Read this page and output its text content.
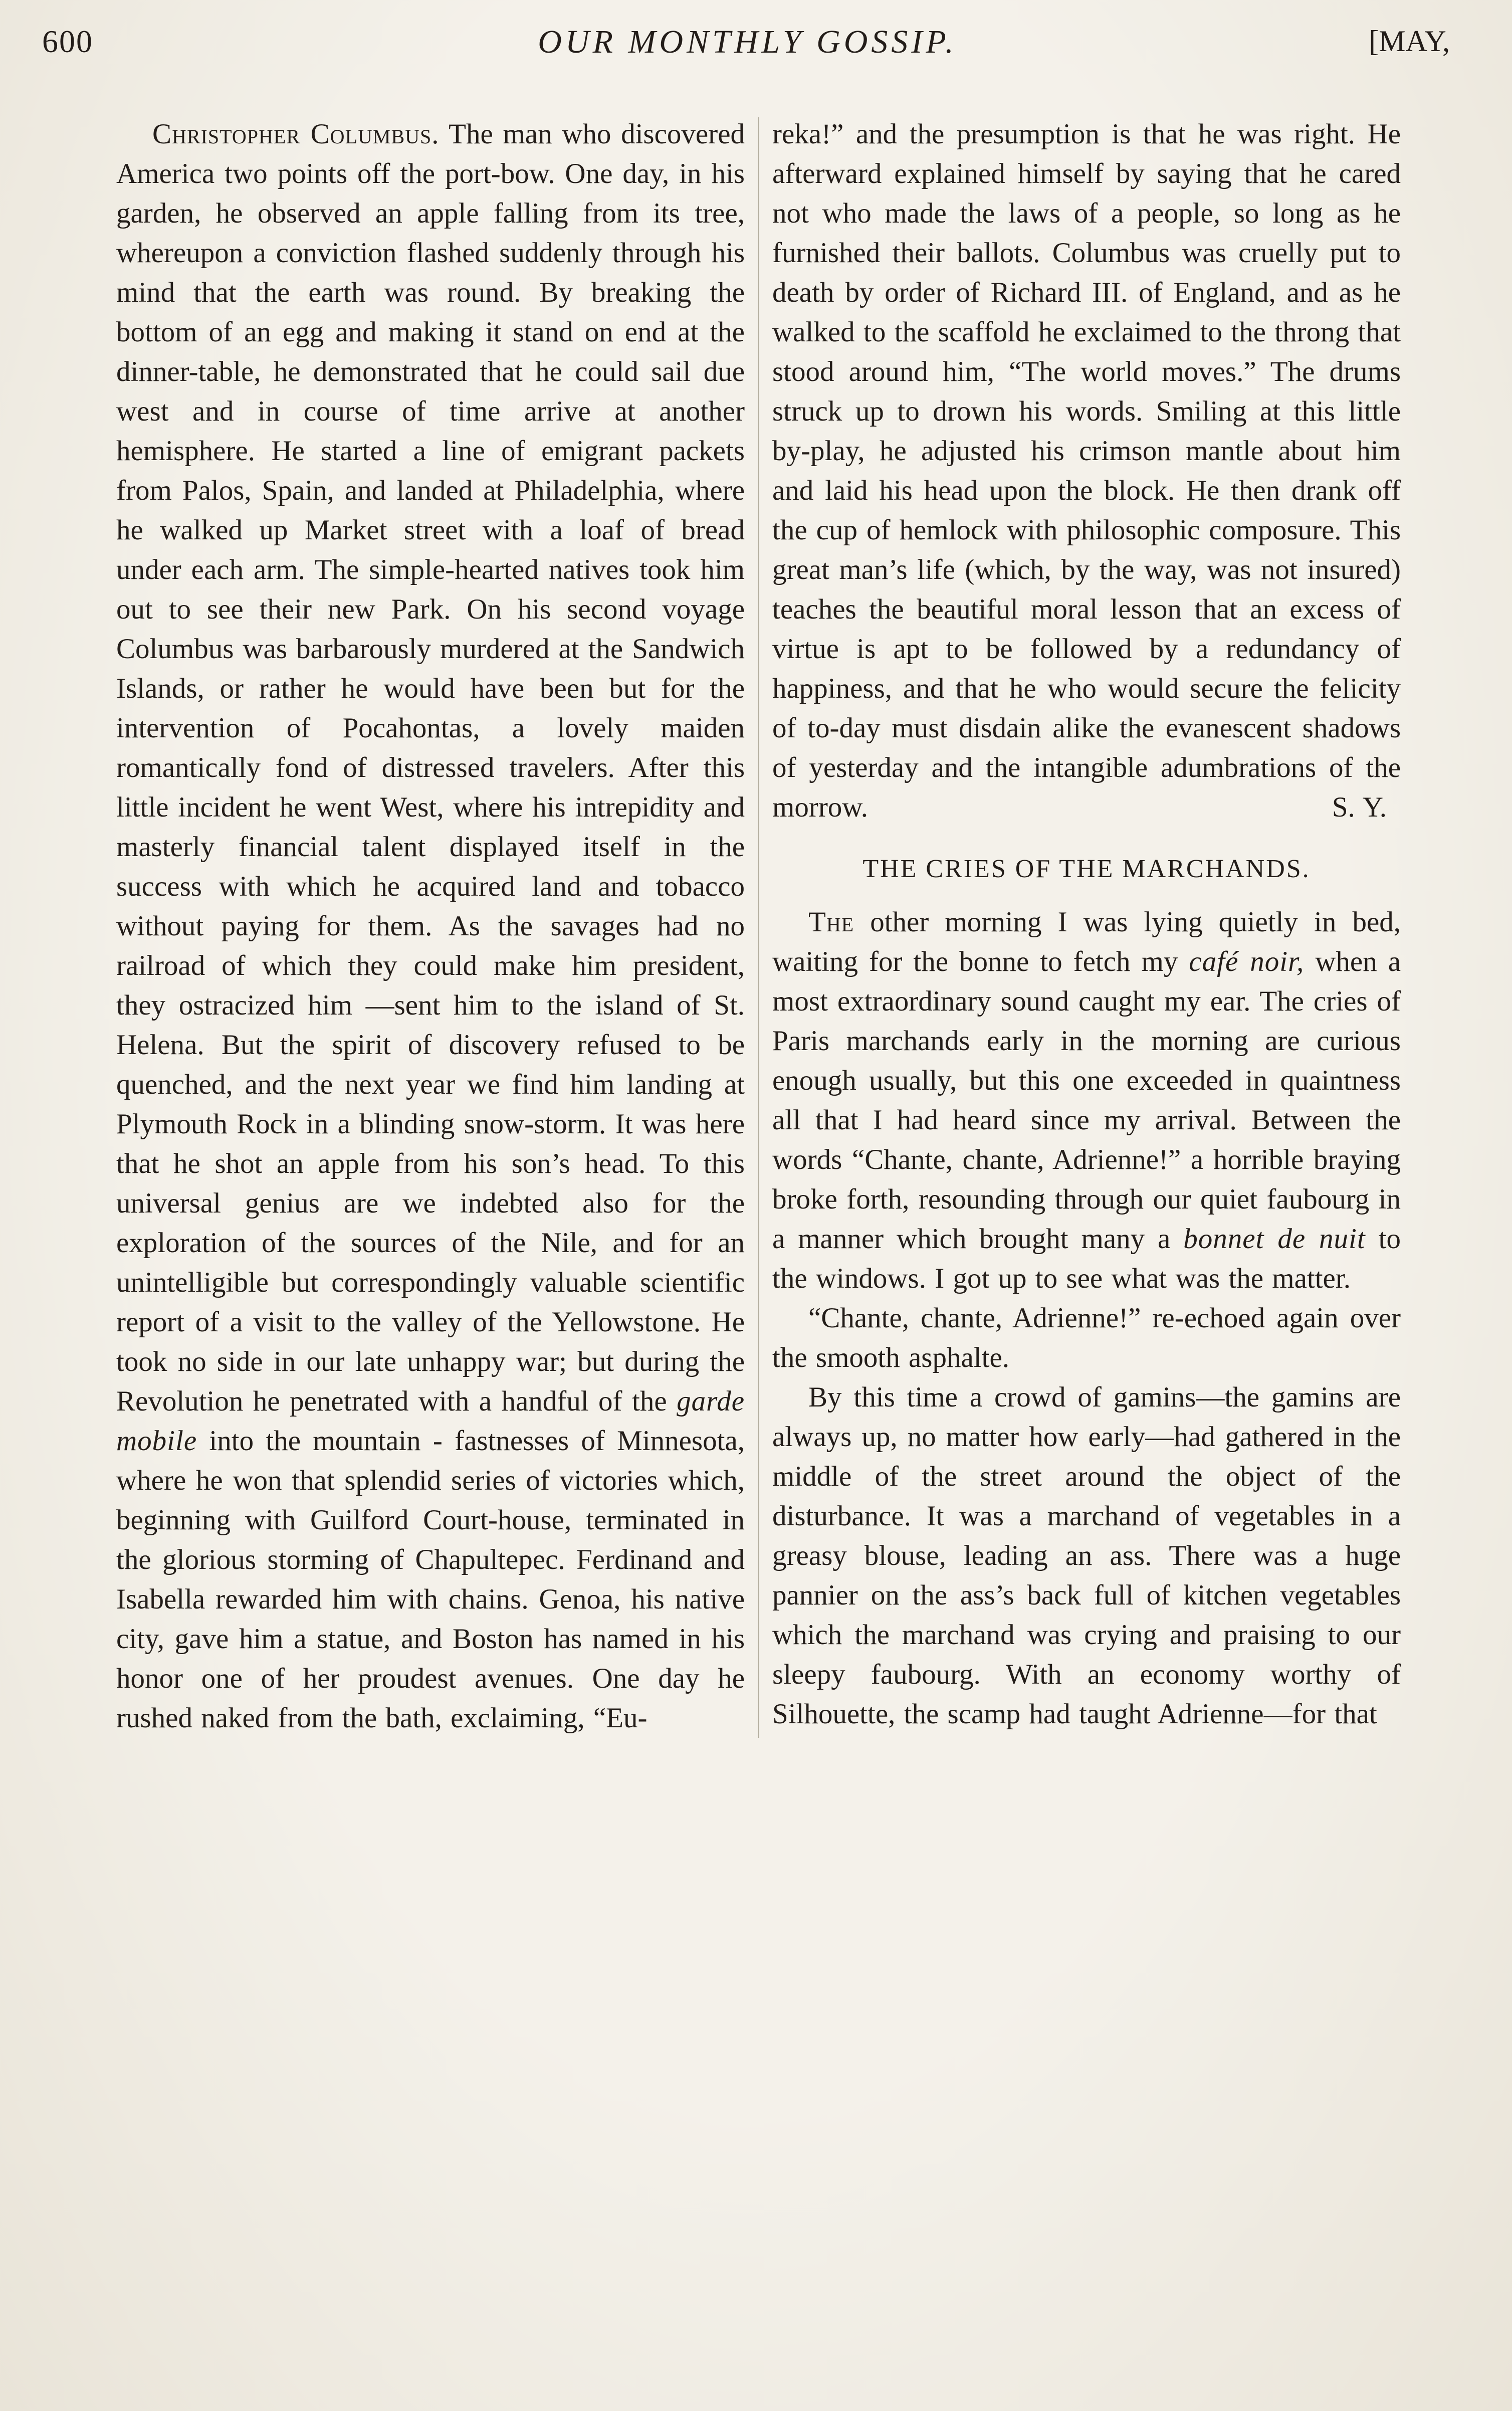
600	OUR MONTHLY GOSSIP.	[MAY,

Christopher Columbus. The man who discovered America two points off the port-bow. One day, in his garden, he observed an apple falling from its tree, whereupon a conviction flashed suddenly through his mind that the earth was round. By breaking the bottom of an egg and making it stand on end at the dinner-table, he demonstrated that he could sail due west and in course of time arrive at another hemisphere. He started a line of emigrant packets from Palos, Spain, and landed at Philadelphia, where he walked up Market street with a loaf of bread under each arm. The simple-hearted natives took him out to see their new Park. On his second voyage Columbus was barbarously murdered at the Sandwich Islands, or rather he would have been but for the intervention of Pocahontas, a lovely maiden romantically fond of distressed travelers. After this little incident he went West, where his intrepidity and masterly financial talent displayed itself in the success with which he acquired land and tobacco without paying for them. As the savages had no railroad of which they could make him president, they ostracized him —sent him to the island of St. Helena. But the spirit of discovery refused to be quenched, and the next year we find him landing at Plymouth Rock in a blinding snow-storm. It was here that he shot an apple from his son’s head. To this universal genius are we indebted also for the exploration of the sources of the Nile, and for an unintelligible but correspondingly valuable scientific report of a visit to the valley of the Yellowstone. He took no side in our late unhappy war; but during the Revolution he penetrated with a handful of the garde mobile into the mountain - fastnesses of Minnesota, where he won that splendid series of victories which, beginning with Guilford Court-house, terminated in the glorious storming of Chapultepec. Ferdinand and Isabella rewarded him with chains. Genoa, his native city, gave him a statue, and Boston has named in his honor one of her proudest avenues. One day he rushed naked from the bath, exclaiming, “Eu-

reka!” and the presumption is that he was right. He afterward explained himself by saying that he cared not who made the laws of a people, so long as he furnished their ballots. Columbus was cruelly put to death by order of Richard III. of England, and as he walked to the scaffold he exclaimed to the throng that stood around him, “The world moves.” The drums struck up to drown his words. Smiling at this little by-play, he adjusted his crimson mantle about him and laid his head upon the block. He then drank off the cup of hemlock with philosophic composure. This great man’s life (which, by the way, was not insured) teaches the beautiful moral lesson that an excess of virtue is apt to be followed by a redundancy of happiness, and that he who would secure the felicity of to-day must disdain alike the evanescent shadows of yesterday and the intangible adumbrations of the morrow.	S. Y.

THE CRIES OF THE MARCHANDS.

The other morning I was lying quietly in bed, waiting for the bonne to fetch my café noir, when a most extraordinary sound caught my ear. The cries of Paris marchands early in the morning are curious enough usually, but this one exceeded in quaintness all that I had heard since my arrival. Between the words “Chante, chante, Adrienne!” a horrible braying broke forth, resounding through our quiet faubourg in a manner which brought many a bonnet de nuit to the windows. I got up to see what was the matter.

“Chante, chante, Adrienne!” re-echoed again over the smooth asphalte.

By this time a crowd of gamins—the gamins are always up, no matter how early—had gathered in the middle of the street around the object of the disturbance. It was a marchand of vegetables in a greasy blouse, leading an ass. There was a huge pannier on the ass’s back full of kitchen vegetables which the marchand was crying and praising to our sleepy faubourg. With an economy worthy of Silhouette, the scamp had taught Adrienne—for that
